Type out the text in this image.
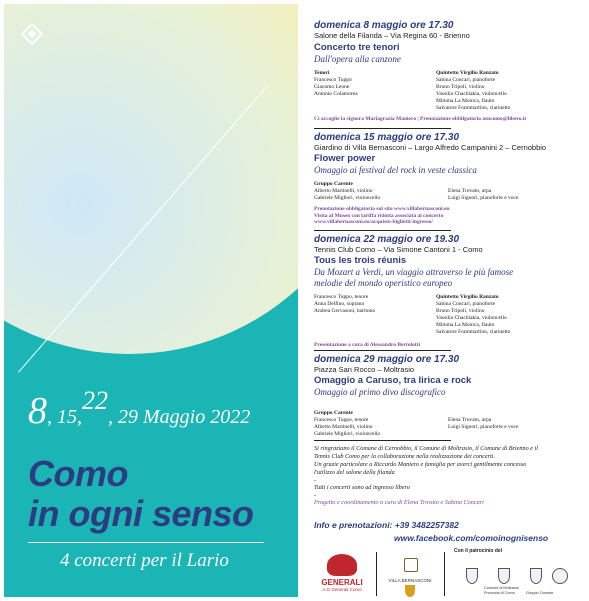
8, 15,22, 29 Maggio 2022
Como
in ogni senso
4 concerti per il Lario
domenica 8 maggio ore 17.30
Salone della Filanda – Via Regina 60 - Brienno
Concerto tre tenori
Dall'opera alla canzone
Tenori
Francesco Tuppo
Giacomo Leone
Antonio Colamorea
Quintetto Virgilio Ranzato
Sabina Concari, pianoforte
Bruno Tripoli, violino
Vassilia Chachlakia, violoncello
Mimma La Monica, flauto
Salvatore Frammartino, clarinetto
Ci accoglie la signora Mariagrazia Maniero | Prenotazione obbligatoria asncomo@libero.it
domenica 15 maggio ore 17.30
Giardino di Villa Bernasconi – Largo Alfredo Campanini 2 – Cernobbio
Flower power
Omaggio ai festival del rock in veste classica
Gruppo Carente
Alberto Martinelli, violino
Gabriele Migliori, violoncello

Elena Trovato, arpa
Luigi Signori, pianoforte e voce
Prenotazione obbligatoria sul sito www.villabernasconi.eu
Visita al Museo con tariffa ridotta associata al concerto
www.villabernasconi.eu/acquisto-biglietti-ingresso/
domenica 22 maggio ore 19.30
Tennis Club Como – Via Simone Cantoni 1 - Como
Tous les trois réunis
Da Mozart a Verdi, un viaggio attraverso le più famose
melodie del mondo operistico europeo
Francesco Tuppo, tenore
Anna Delfino, soprano
Andrea Gervasoni, baritono
Quintetto Virgilio Ranzato
Sabina Concari, pianoforte
Bruno Tripoli, violino
Vassilia Chachlakia, violoncello
Mimma La Monica, flauto
Salvatore Frammartino, clarinetto
Presentazione a cura di Alessandro Bertolotti
domenica 29 maggio ore 17.30
Piazza San Rocco – Moltrasio
Omaggio a Caruso, tra lirica e rock
Omaggio al primo divo discografico
Gruppo Carente
Francesco Tuppo, tenore
Alberto Martinelli, violino
Gabriele Migliori, violoncello

Elena Trovato, arpa
Luigi Signori, pianoforte e voce
Si ringraziano il Comune di Cernobbio, il Comune di Moltrasio, il Comune di Brienno e il
Tennis Club Como per la collaborazione nella realizzazione dei concerti.
Un grazie particolare a Riccardo Maniero e famiglia per averci gentilmente concesso
l'utilizzo del salone della filanda
-
Tutti i concerti sono ad ingresso libero
-
Progetto e coordinamento a cura di Elena Trovato e Sabina Concari
Info e prenotazioni: +39 3482257382
www.facebook.com/comoinognisenso
GENERALI
A.G Generali Como
VILLA BERNASCONI
Con il patrocinio del
Comune di Moltrasio
Provincia di Como	Gruppo Carente
